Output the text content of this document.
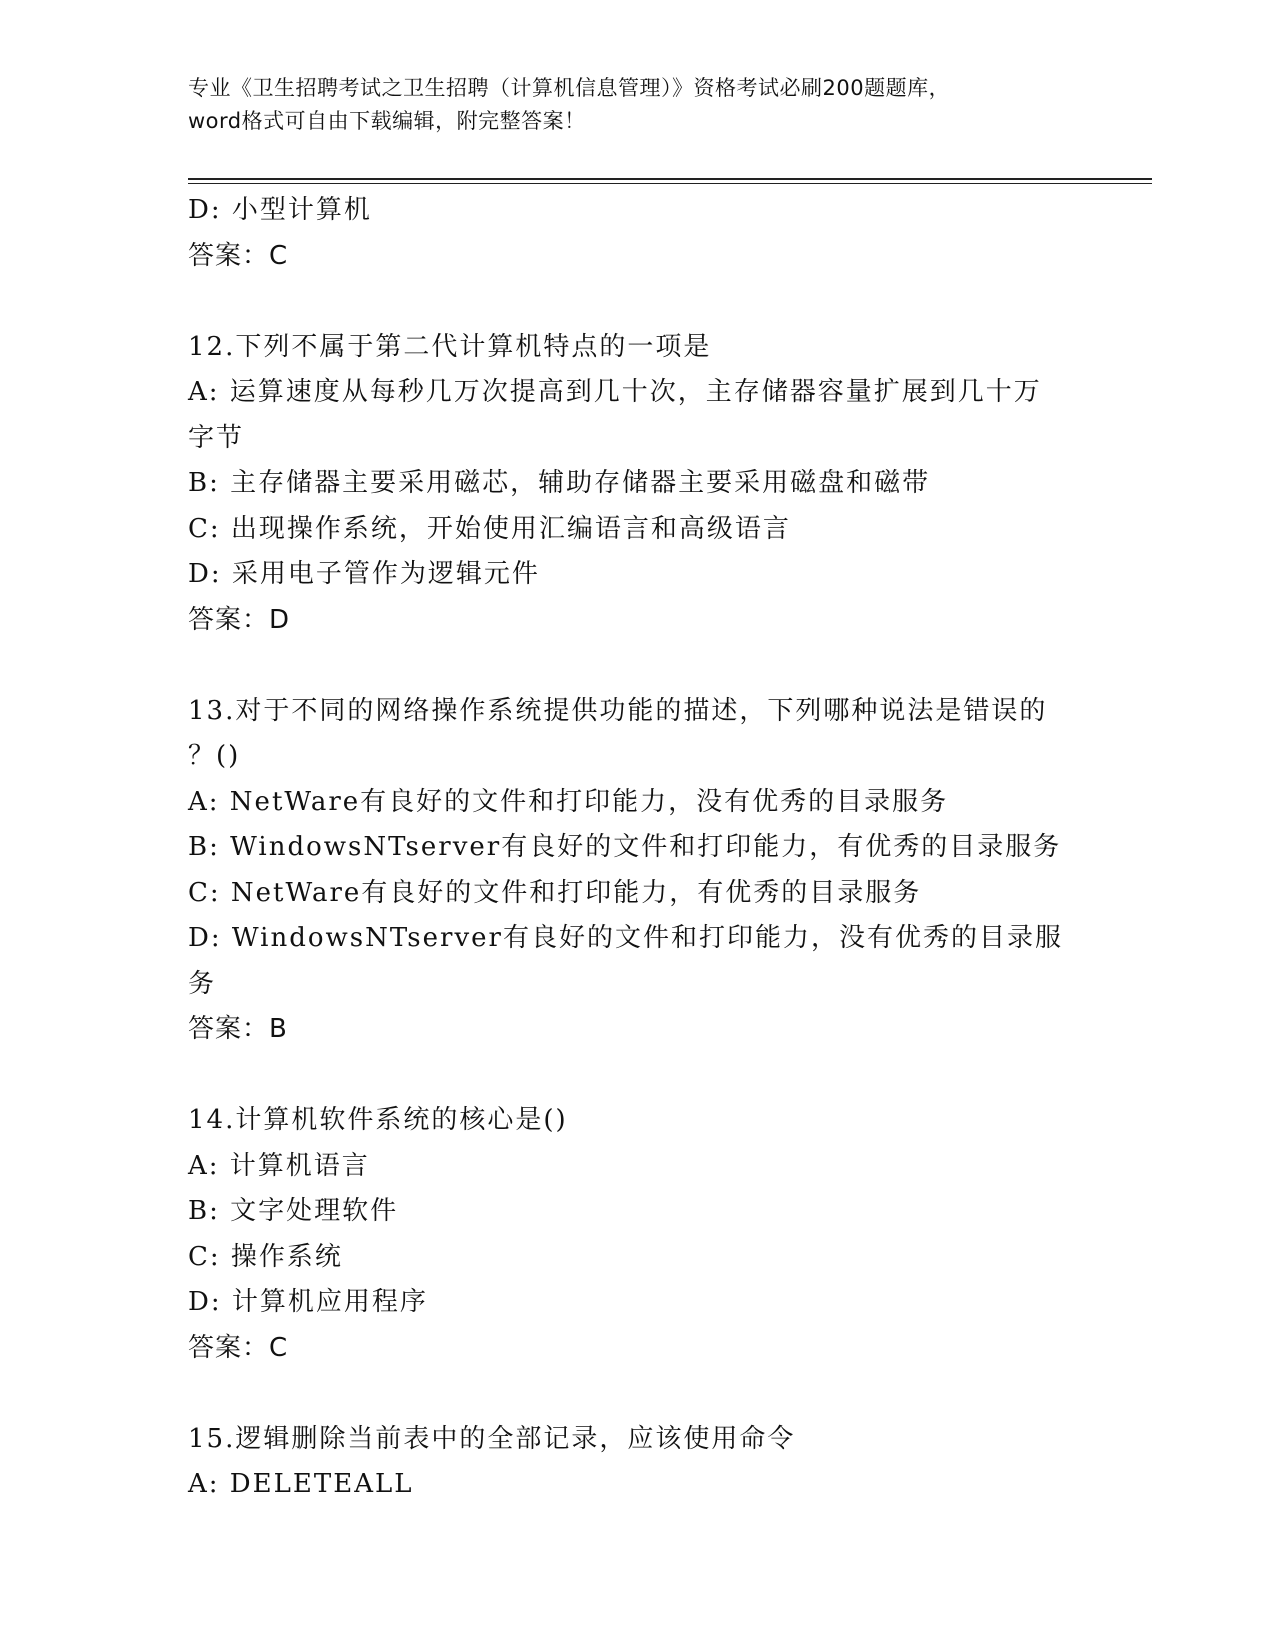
专业《卫生招聘考试之卫生招聘（计算机信息管理）》资格考试必刷200题题库，
word格式可自由下载编辑，附完整答案！
D: 小型计算机
答案：C
12.下列不属于第二代计算机特点的一项是
A: 运算速度从每秒几万次提高到几十次，主存储器容量扩展到几十万
字节
B: 主存储器主要采用磁芯，辅助存储器主要采用磁盘和磁带
C: 出现操作系统，开始使用汇编语言和高级语言
D: 采用电子管作为逻辑元件
答案：D
13.对于不同的网络操作系统提供功能的描述，下列哪种说法是错误的
？()
A: NetWare有良好的文件和打印能力，没有优秀的目录服务
B: WindowsNTserver有良好的文件和打印能力，有优秀的目录服务
C: NetWare有良好的文件和打印能力，有优秀的目录服务
D: WindowsNTserver有良好的文件和打印能力，没有优秀的目录服务
答案：B
14.计算机软件系统的核心是()
A: 计算机语言
B: 文字处理软件
C: 操作系统
D: 计算机应用程序
答案：C
15.逻辑删除当前表中的全部记录，应该使用命令
A: DELETEALL
